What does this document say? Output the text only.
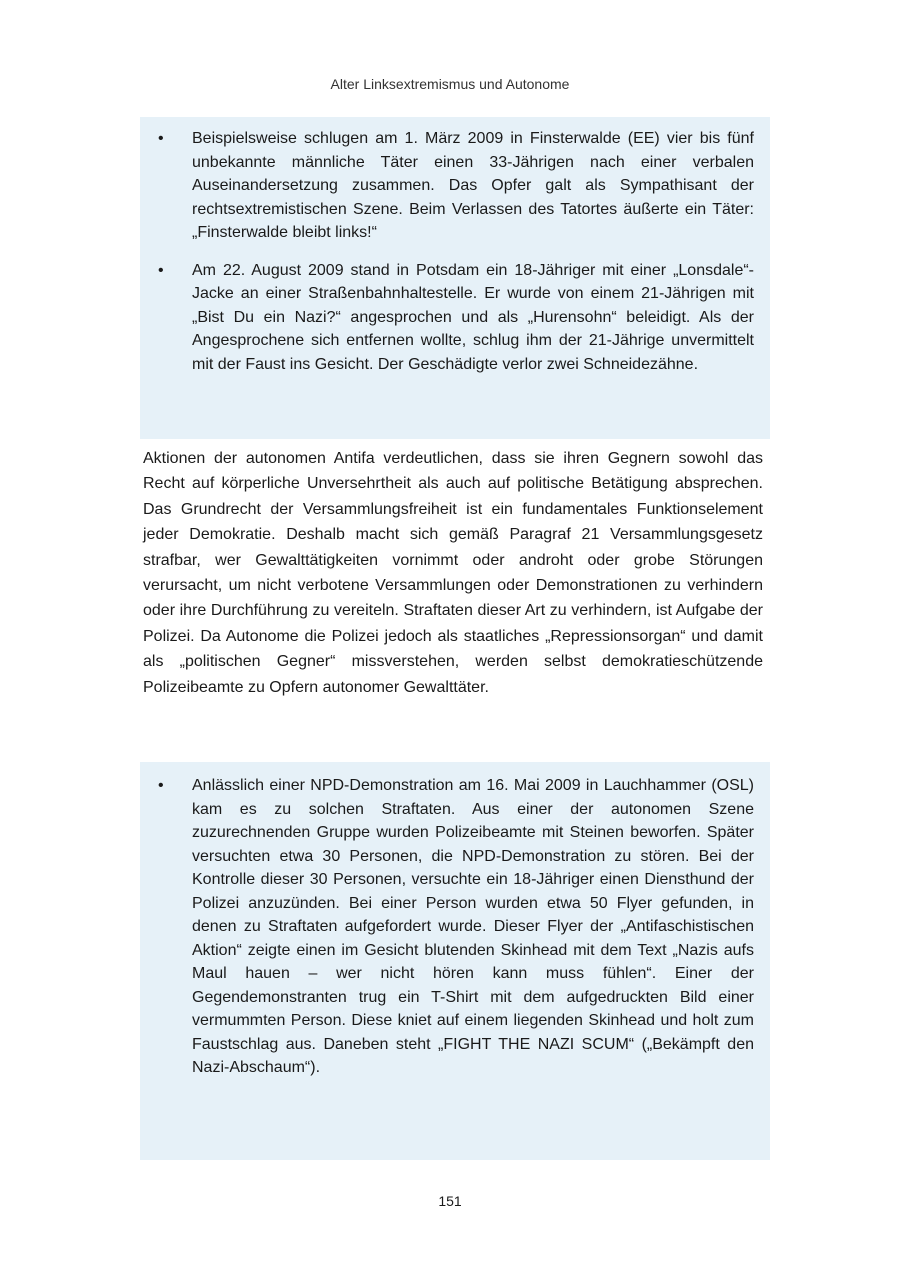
Alter Linksextremismus und Autonome

• Beispielsweise schlugen am 1. März 2009 in Finsterwalde (EE) vier bis fünf unbekannte männliche Täter einen 33-Jährigen nach einer verbalen Auseinandersetzung zusammen. Das Opfer galt als Sympathisant der rechtsextremistischen Szene. Beim Verlassen des Tatortes äußerte ein Täter: „Finsterwalde bleibt links!“

• Am 22. August 2009 stand in Potsdam ein 18-Jähriger mit einer „Lonsdale“-Jacke an einer Straßenbahnhaltestelle. Er wurde von einem 21-Jährigen mit „Bist Du ein Nazi?“ angesprochen und als „Hurensohn“ beleidigt. Als der Angesprochene sich entfernen wollte, schlug ihm der 21-Jährige unvermittelt mit der Faust ins Gesicht. Der Geschädigte verlor zwei Schneidezähne.

Aktionen der autonomen Antifa verdeutlichen, dass sie ihren Gegnern sowohl das Recht auf körperliche Unversehrtheit als auch auf politische Betätigung absprechen. Das Grundrecht der Versammlungsfreiheit ist ein fundamentales Funktionselement jeder Demokratie. Deshalb macht sich gemäß Paragraf 21 Versammlungsgesetz strafbar, wer Gewalttätigkeiten vornimmt oder androht oder grobe Störungen verursacht, um nicht verbotene Versammlungen oder Demonstrationen zu verhindern oder ihre Durchführung zu vereiteln. Straftaten dieser Art zu verhindern, ist Aufgabe der Polizei. Da Autonome die Polizei jedoch als staatliches „Repressionsorgan“ und damit als „politischen Gegner“ missverstehen, werden selbst demokratieschützende Polizeibeamte zu Opfern autonomer Gewalttäter.

• Anlässlich einer NPD-Demonstration am 16. Mai 2009 in Lauchhammer (OSL) kam es zu solchen Straftaten. Aus einer der autonomen Szene zuzurechnenden Gruppe wurden Polizeibeamte mit Steinen beworfen. Später versuchten etwa 30 Personen, die NPD-Demonstration zu stören. Bei der Kontrolle dieser 30 Personen, versuchte ein 18-Jähriger einen Diensthund der Polizei anzuzünden. Bei einer Person wurden etwa 50 Flyer gefunden, in denen zu Straftaten aufgefordert wurde. Dieser Flyer der „Antifaschistischen Aktion“ zeigte einen im Gesicht blutenden Skinhead mit dem Text „Nazis aufs Maul hauen – wer nicht hören kann muss fühlen“. Einer der Gegendemonstranten trug ein T-Shirt mit dem aufgedruckten Bild einer vermummten Person. Diese kniet auf einem liegenden Skinhead und holt zum Faustschlag aus. Daneben steht „FIGHT THE NAZI SCUM“ („Bekämpft den Nazi-Abschaum“).

151
